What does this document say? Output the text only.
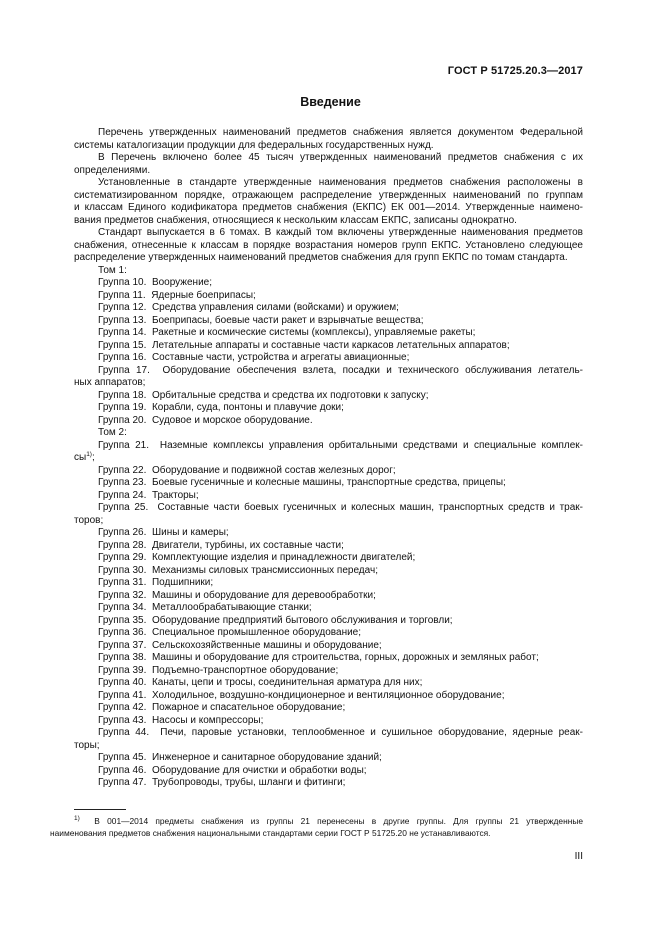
ГОСТ Р 51725.20.3—2017
Введение
Перечень утвержденных наименований предметов снабжения является документом Федеральной
системы каталогизации продукции для федеральных государственных нужд.
В Перечень включено более 45 тысяч утвержденных наименований предметов снабжения с их
определениями.
Установленные в стандарте утвержденные наименования предметов снабжения расположены в
систематизированном порядке, отражающем распределение утвержденных наименований по группам
и классам Единого кодификатора предметов снабжения (ЕКПС) ЕК 001—2014. Утвержденные наимено-
вания предметов снабжения, относящиеся к нескольким классам ЕКПС, записаны однократно.
Стандарт выпускается в 6 томах. В каждый том включены утвержденные наименования предметов
снабжения, отнесенные к классам в порядке возрастания номеров групп ЕКПС. Установлено следующее
распределение утвержденных наименований предметов снабжения для групп ЕКПС по томам стандарта.
Том 1:
Группа 10. Вооружение;
Группа 11. Ядерные боеприпасы;
Группа 12. Средства управления силами (войсками) и оружием;
Группа 13. Боеприпасы, боевые части ракет и взрывчатые вещества;
Группа 14. Ракетные и космические системы (комплексы), управляемые ракеты;
Группа 15. Летательные аппараты и составные части каркасов летательных аппаратов;
Группа 16. Составные части, устройства и агрегаты авиационные;
Группа 17. Оборудование обеспечения взлета, посадки и технического обслуживания летатель-
ных аппаратов;
Группа 18. Орбитальные средства и средства их подготовки к запуску;
Группа 19. Корабли, суда, понтоны и плавучие доки;
Группа 20. Судовое и морское оборудование.
Том 2:
Группа 21. Наземные комплексы управления орбитальными средствами и специальные комплек-
$сы^{1)}$;
Группа 22. Оборудование и подвижной состав железных дорог;
Группа 23. Боевые гусеничные и колесные машины, транспортные средства, прицепы;
Группа 24. Тракторы;
Группа 25. Составные части боевых гусеничных и колесных машин, транспортных средств и трак-
торов;
Группа 26. Шины и камеры;
Группа 28. Двигатели, турбины, их составные части;
Группа 29. Комплектующие изделия и принадлежности двигателей;
Группа 30. Механизмы силовых трансмиссионных передач;
Группа 31. Подшипники;
Группа 32. Машины и оборудование для деревообработки;
Группа 34. Металлообрабатывающие станки;
Группа 35. Оборудование предприятий бытового обслуживания и торговли;
Группа 36. Специальное промышленное оборудование;
Группа 37. Сельскохозяйственные машины и оборудование;
Группа 38. Машины и оборудование для строительства, горных, дорожных и земляных работ;
Группа 39. Подъемно-транспортное оборудование;
Группа 40. Канаты, цепи и тросы, соединительная арматура для них;
Группа 41. Холодильное, воздушно-кондиционерное и вентиляционное оборудование;
Группа 42. Пожарное и спасательное оборудование;
Группа 43. Насосы и компрессоры;
Группа 44. Печи, паровые установки, теплообменное и сушильное оборудование, ядерные реак-
торы;
Группа 45. Инженерное и санитарное оборудование зданий;
Группа 46. Оборудование для очистки и обработки воды;
Группа 47. Трубопроводы, трубы, шланги и фитинги;
$^{1)}$ В 001—2014 предметы снабжения из группы 21 перенесены в другие группы. Для группы 21 утвержденные
наименования предметов снабжения национальными стандартами серии ГОСТ Р 51725.20 не устанавливаются.
III
